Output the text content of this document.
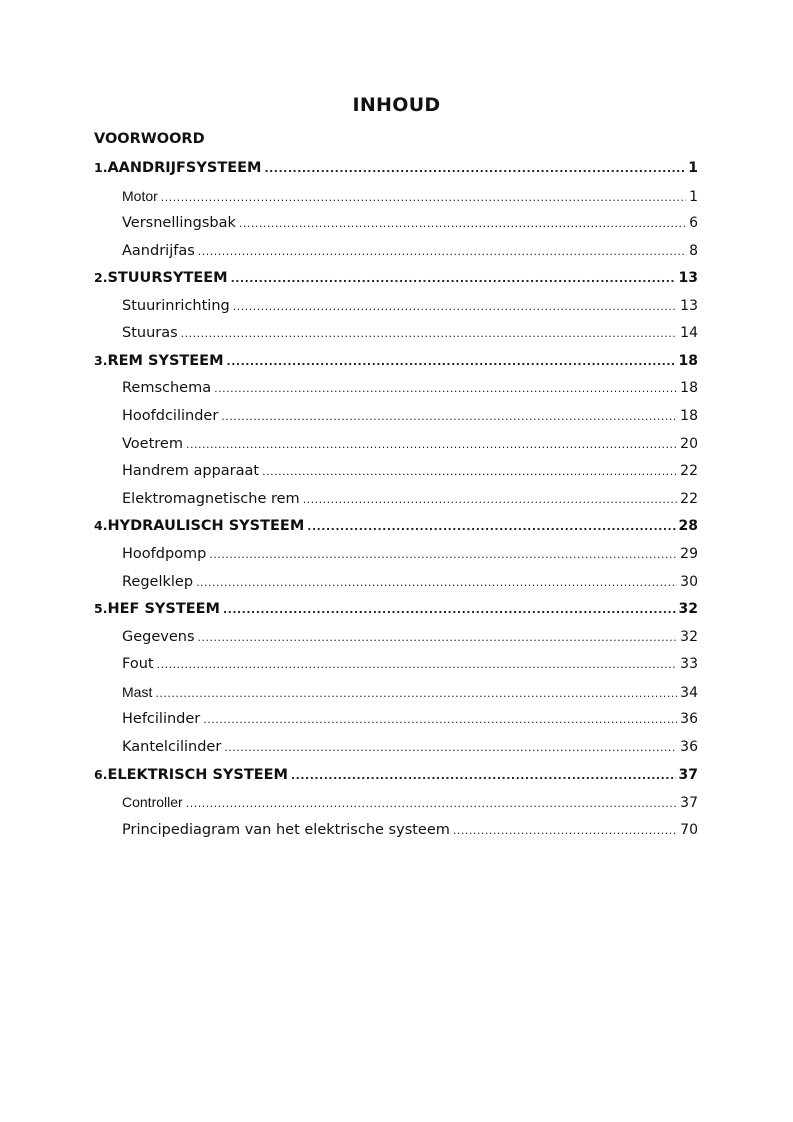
INHOUD
VOORWOORD
1. AANDRIJFSYSTEEM .....	1
Motor .....	1
Versnellingsbak .....	6
Aandrijfas .....	8
2. STUURSYTEEM .....	13
Stuurinrichting .....	13
Stuuras .....	14
3. REM SYSTEEM .....	18
Remschema .....	18
Hoofdcilinder .....	18
Voetrem .....	20
Handrem apparaat .....	22
Elektromagnetische rem .....	22
4. HYDRAULISCH SYSTEEM .....	28
Hoofdpomp .....	29
Regelklep .....	30
5. HEF SYSTEEM .....	32
Gegevens .....	32
Fout .....	33
Mast .....	34
Hefcilinder .....	36
Kantelcilinder .....	36
6. ELEKTRISCH SYSTEEM .....	37
Controller .....	37
Principediagram van het elektrische systeem .....	70
